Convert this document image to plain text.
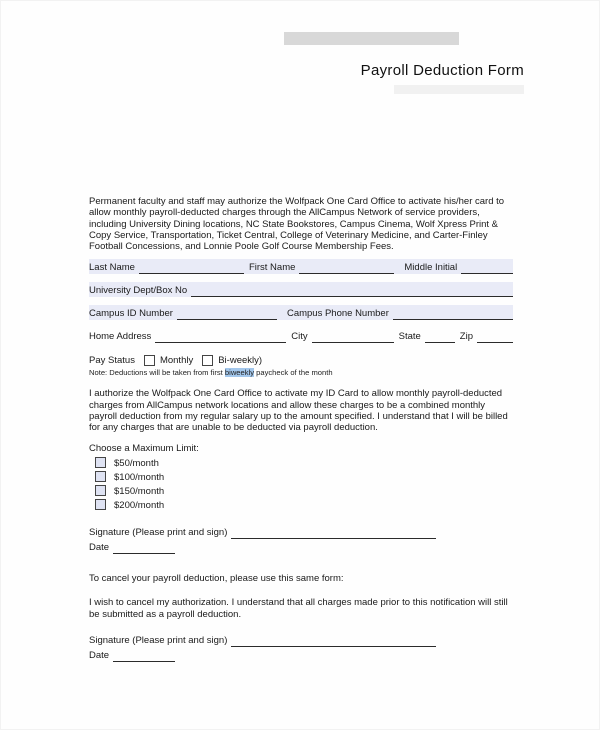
Payroll Deduction Form

Permanent faculty and staff may authorize the Wolfpack One Card Office to activate his/her card to allow monthly payroll-deducted charges through the AllCampus Network of service providers, including University Dining locations, NC State Bookstores, Campus Cinema, Wolf Xpress Print & Copy Service, Transportation, Ticket Central, College of Veterinary Medicine, and Carter-Finley Football Concessions, and Lonnie Poole Golf Course Membership Fees.

Last Name	First Name	Middle Initial
University Dept/Box No
Campus ID Number	Campus Phone Number
Home Address	City	State	Zip
Pay Status	Monthly	Bi-weekly)

Note: Deductions will be taken from first biweekly paycheck of the month

I authorize the Wolfpack One Card Office to activate my ID Card to allow monthly payroll-deducted charges from AllCampus network locations and allow these charges to be a combined monthly payroll deduction from my regular salary up to the amount specified. I understand that I will be billed for any charges that are unable to be deducted via payroll deduction.

Choose a Maximum Limit:

$50/month
$100/month
$150/month
$200/month
Signature (Please print and sign)
Date

To cancel your payroll deduction, please use this same form:

I wish to cancel my authorization. I understand that all charges made prior to this notification will still be submitted as a payroll deduction.

Signature (Please print and sign)
Date
